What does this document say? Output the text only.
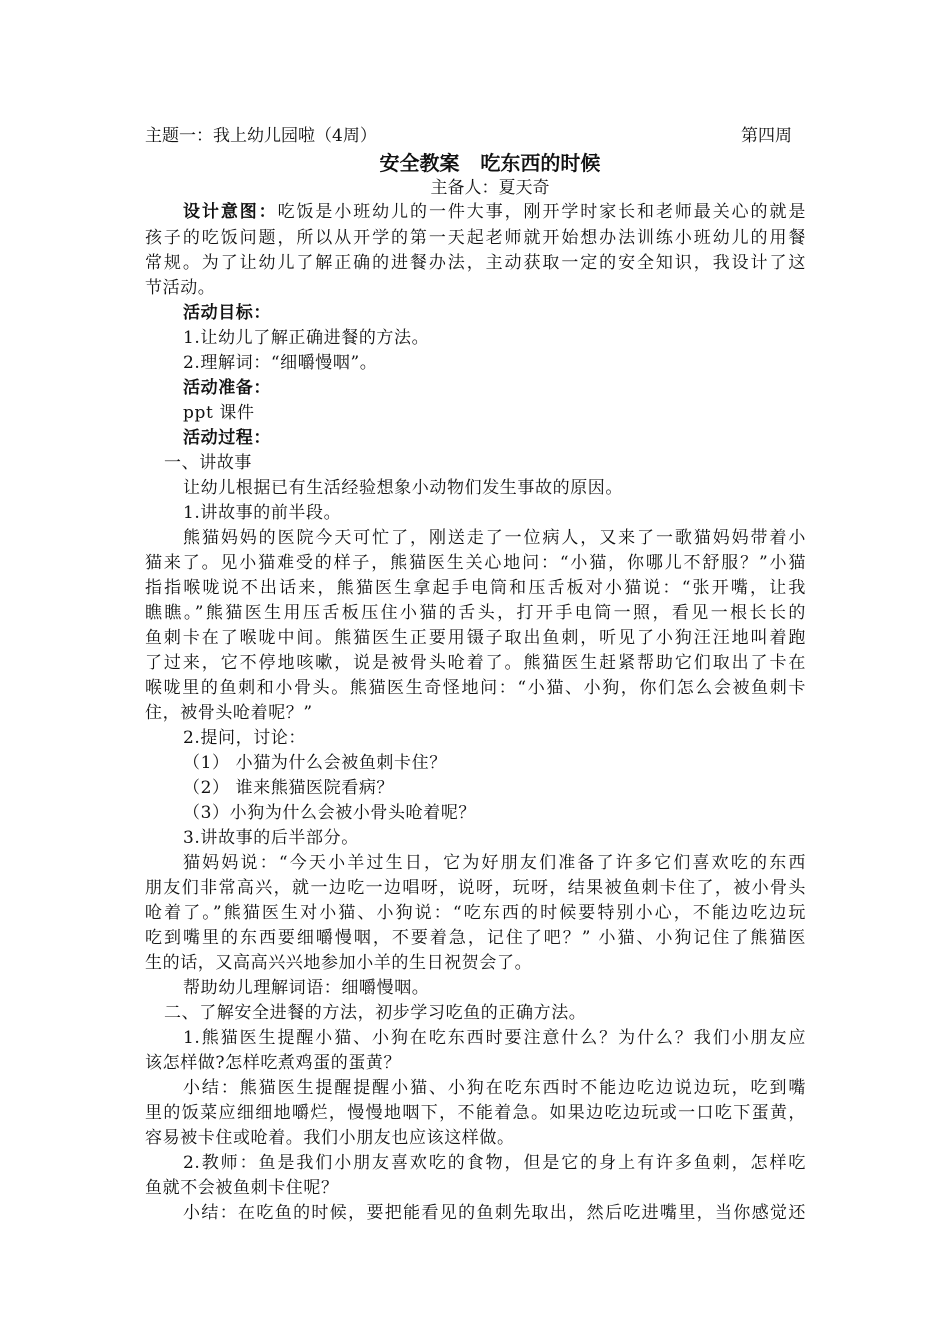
主题一：我上幼儿园啦（4周）	第四周
安全教案   吃东西的时候
主备人：夏天奇
设计意图：吃饭是小班幼儿的一件大事，刚开学时家长和老师最关心的就是
孩子的吃饭问题，所以从开学的第一天起老师就开始想办法训练小班幼儿的用餐
常规。为了让幼儿了解正确的进餐办法，主动获取一定的安全知识，我设计了这
节活动。
活动目标：
1.让幼儿了解正确进餐的方法。
2.理解词：“细嚼慢咽”。
活动准备：
ppt 课件
活动过程：
一、讲故事
让幼儿根据已有生活经验想象小动物们发生事故的原因。
1.讲故事的前半段。
熊猫妈妈的医院今天可忙了，刚送走了一位病人，又来了一歌猫妈妈带着小
猫来了。见小猫难受的样子，熊猫医生关心地问：“小猫，你哪儿不舒服？”小猫
指指喉咙说不出话来，熊猫医生拿起手电筒和压舌板对小猫说：“张开嘴，让我
瞧瞧。”熊猫医生用压舌板压住小猫的舌头，打开手电筒一照，看见一根长长的
鱼刺卡在了喉咙中间。熊猫医生正要用镊子取出鱼刺，听见了小狗汪汪地叫着跑
了过来，它不停地咳嗽，说是被骨头呛着了。熊猫医生赶紧帮助它们取出了卡在
喉咙里的鱼刺和小骨头。熊猫医生奇怪地问：“小猫、小狗，你们怎么会被鱼刺卡
住，被骨头呛着呢？”
2.提问，讨论：
（1） 小猫为什么会被鱼刺卡住？
（2） 谁来熊猫医院看病？
（3）小狗为什么会被小骨头呛着呢？
3.讲故事的后半部分。
猫妈妈说：“今天小羊过生日，它为好朋友们准备了许多它们喜欢吃的东西
朋友们非常高兴，就一边吃一边唱呀，说呀，玩呀，结果被鱼刺卡住了，被小骨头
呛着了。”熊猫医生对小猫、小狗说：“吃东西的时候要特别小心，不能边吃边玩
吃到嘴里的东西要细嚼慢咽，不要着急，记住了吧？” 小猫、小狗记住了熊猫医
生的话，又高高兴兴地参加小羊的生日祝贺会了。
帮助幼儿理解词语：细嚼慢咽。
二、了解安全进餐的方法，初步学习吃鱼的正确方法。
1.熊猫医生提醒小猫、小狗在吃东西时要注意什么？为什么？我们小朋友应
该怎样做?怎样吃煮鸡蛋的蛋黄？
小结：熊猫医生提醒提醒小猫、小狗在吃东西时不能边吃边说边玩，吃到嘴
里的饭菜应细细地嚼烂，慢慢地咽下，不能着急。如果边吃边玩或一口吃下蛋黄，
容易被卡住或呛着。我们小朋友也应该这样做。
2.教师：鱼是我们小朋友喜欢吃的食物，但是它的身上有许多鱼刺，怎样吃
鱼就不会被鱼刺卡住呢？
小结：在吃鱼的时候，要把能看见的鱼刺先取出，然后吃进嘴里，当你感觉还
